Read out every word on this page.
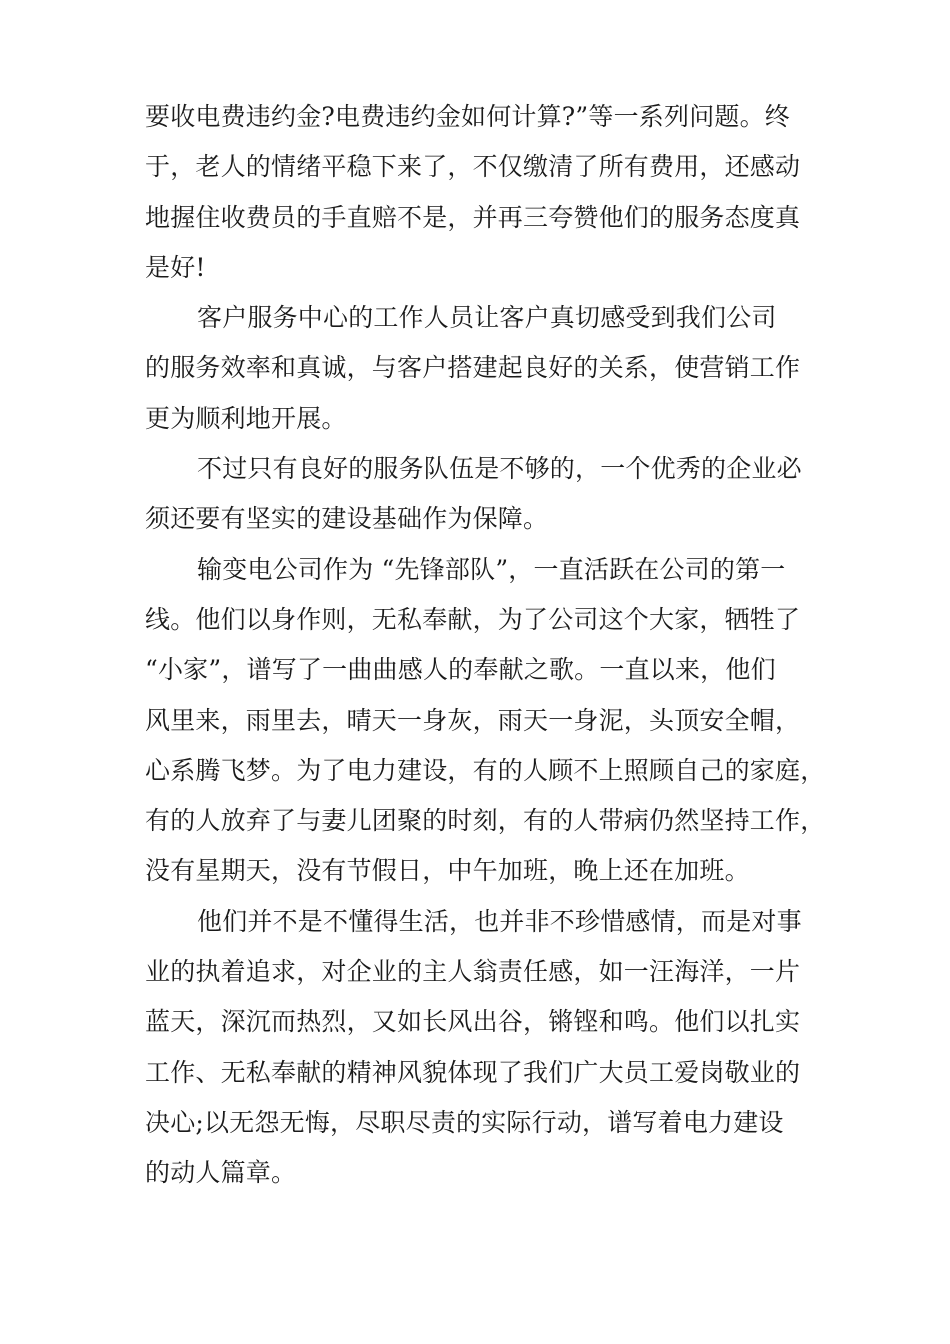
要收电费违约金?电费违约金如何计算?”等一系列问题。终
于，老人的情绪平稳下来了，不仅缴清了所有费用，还感动
地握住收费员的手直赔不是，并再三夸赞他们的服务态度真
是好!
客户服务中心的工作人员让客户真切感受到我们公司
的服务效率和真诚，与客户搭建起良好的关系，使营销工作
更为顺利地开展。
不过只有良好的服务队伍是不够的，一个优秀的企业必
须还要有坚实的建设基础作为保障。
输变电公司作为 “先锋部队”，一直活跃在公司的第一
线。他们以身作则，无私奉献，为了公司这个大家，牺牲了
“小家”，谱写了一曲曲感人的奉献之歌。一直以来，他们
风里来，雨里去，晴天一身灰，雨天一身泥，头顶安全帽，
心系腾飞梦。为了电力建设，有的人顾不上照顾自己的家庭，
有的人放弃了与妻儿团聚的时刻，有的人带病仍然坚持工作，
没有星期天，没有节假日，中午加班，晚上还在加班。
他们并不是不懂得生活，也并非不珍惜感情，而是对事
业的执着追求，对企业的主人翁责任感，如一汪海洋，一片
蓝天，深沉而热烈，又如长风出谷，锵铿和鸣。他们以扎实
工作、无私奉献的精神风貌体现了我们广大员工爱岗敬业的
决心;以无怨无悔，尽职尽责的实际行动，谱写着电力建设
的动人篇章。
